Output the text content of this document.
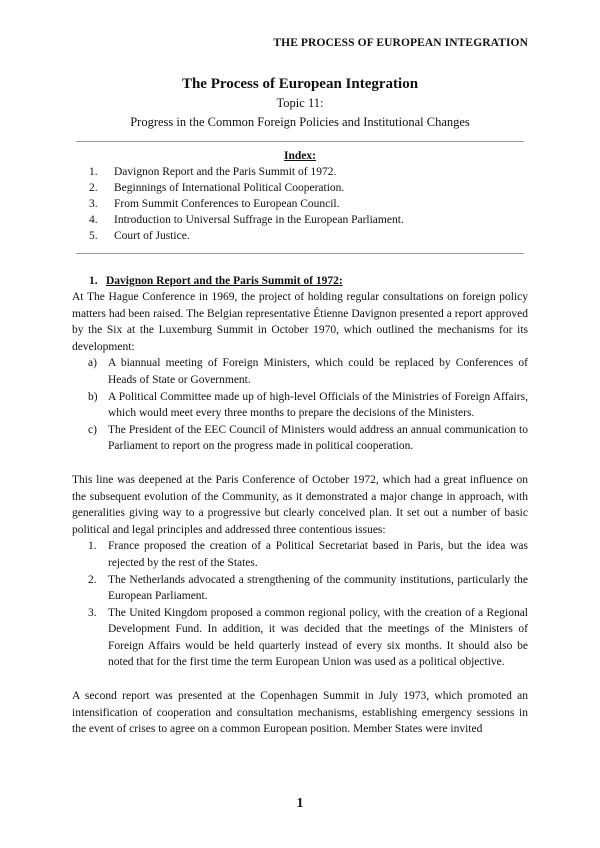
THE PROCESS OF EUROPEAN INTEGRATION
The Process of European Integration
Topic 11:
Progress in the Common Foreign Policies and Institutional Changes
Index:
1. Davignon Report and the Paris Summit of 1972.
2. Beginnings of International Political Cooperation.
3. From Summit Conferences to European Council.
4. Introduction to Universal Suffrage in the European Parliament.
5. Court of Justice.
1. Davignon Report and the Paris Summit of 1972:

At The Hague Conference in 1969, the project of holding regular consultations on foreign policy matters had been raised. The Belgian representative Étienne Davignon presented a report approved by the Six at the Luxemburg Summit in October 1970, which outlined the mechanisms for its development:

a) A biannual meeting of Foreign Ministers, which could be replaced by Conferences of Heads of State or Government.
b) A Political Committee made up of high-level Officials of the Ministries of Foreign Affairs, which would meet every three months to prepare the decisions of the Ministers.
c) The President of the EEC Council of Ministers would address an annual communication to Parliament to report on the progress made in political cooperation.

This line was deepened at the Paris Conference of October 1972, which had a great influence on the subsequent evolution of the Community, as it demonstrated a major change in approach, with generalities giving way to a progressive but clearly conceived plan. It set out a number of basic political and legal principles and addressed three contentious issues:

1. France proposed the creation of a Political Secretariat based in Paris, but the idea was rejected by the rest of the States.
2. The Netherlands advocated a strengthening of the community institutions, particularly the European Parliament.
3. The United Kingdom proposed a common regional policy, with the creation of a Regional Development Fund. In addition, it was decided that the meetings of the Ministers of Foreign Affairs would be held quarterly instead of every six months. It should also be noted that for the first time the term European Union was used as a political objective.

A second report was presented at the Copenhagen Summit in July 1973, which promoted an intensification of cooperation and consultation mechanisms, establishing emergency sessions in the event of crises to agree on a common European position. Member States were invited

1
